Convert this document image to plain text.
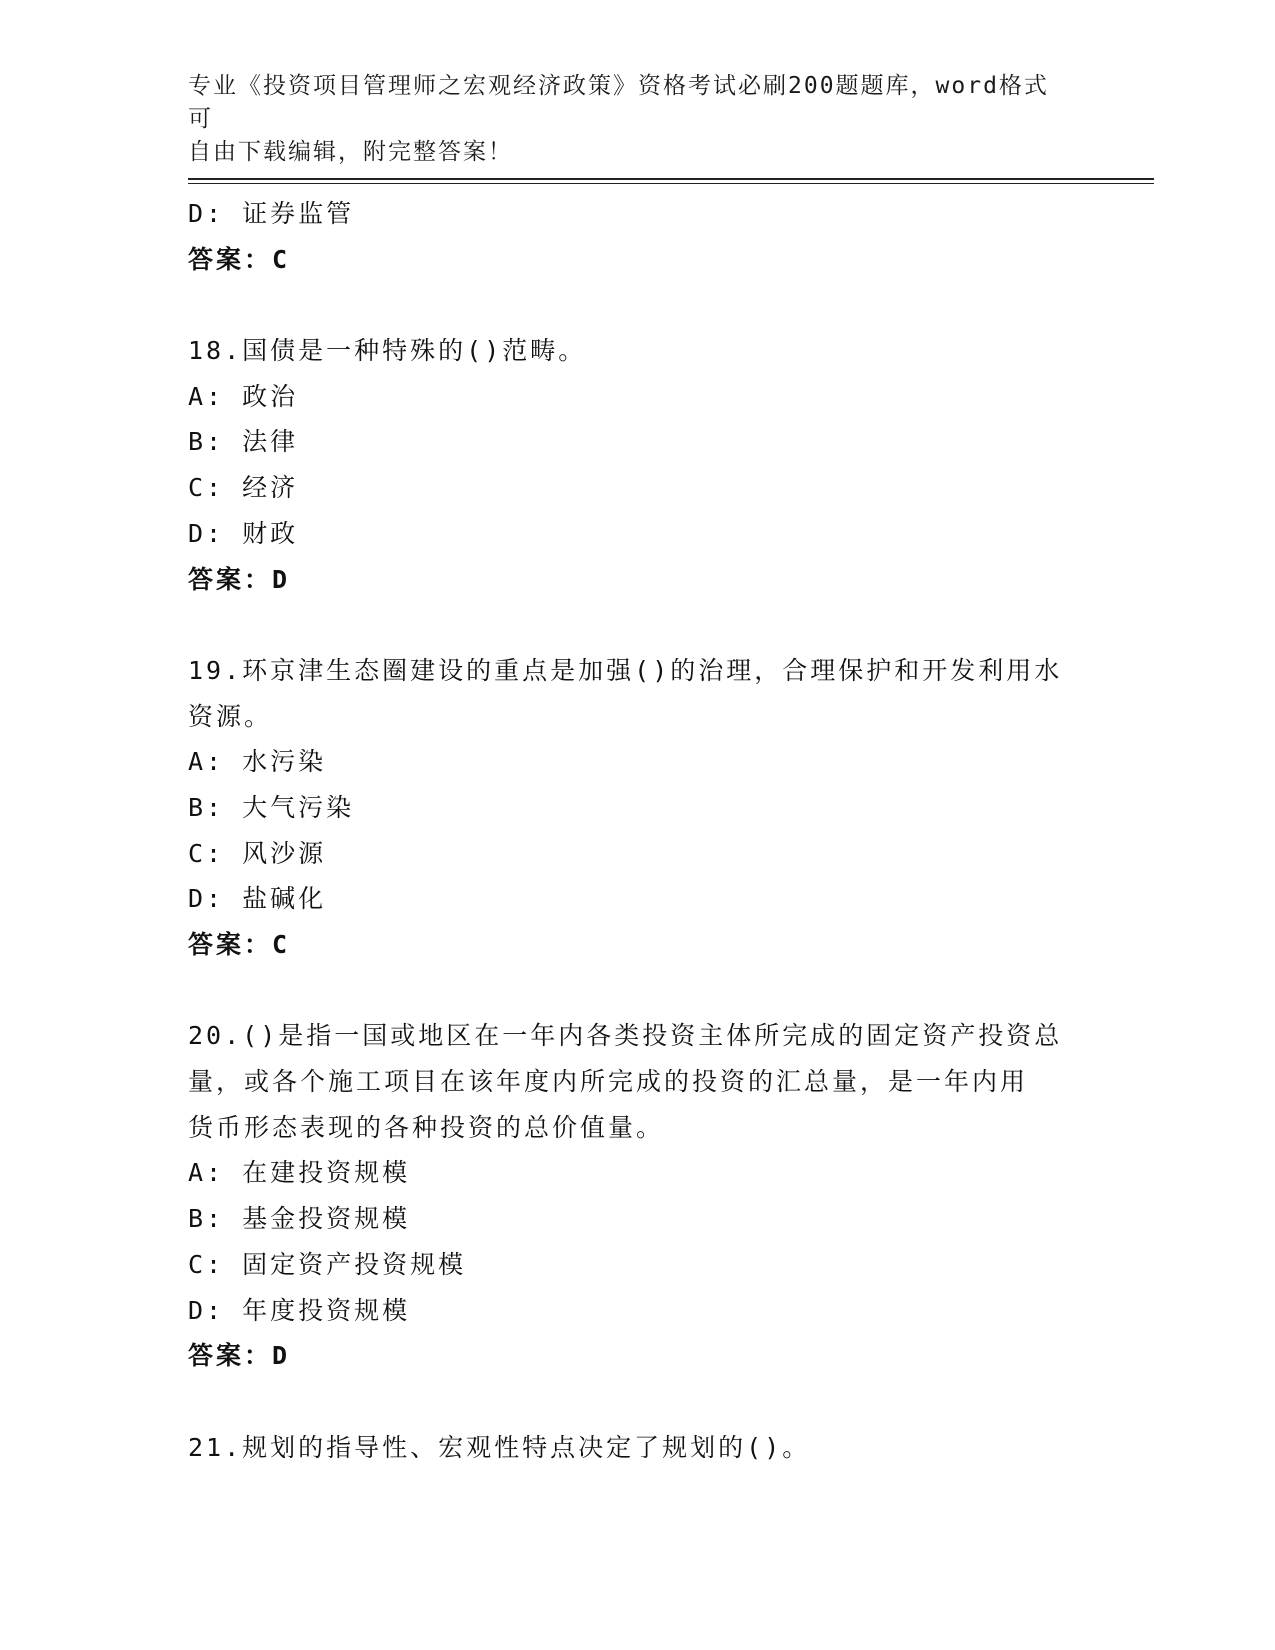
专业《投资项目管理师之宏观经济政策》资格考试必刷200题题库，word格式可
自由下载编辑，附完整答案！
D: 证券监管
答案：C
18.国债是一种特殊的()范畴。
A: 政治
B: 法律
C: 经济
D: 财政
答案：D
19.环京津生态圈建设的重点是加强()的治理，合理保护和开发利用水
资源。
A: 水污染
B: 大气污染
C: 风沙源
D: 盐碱化
答案：C
20.()是指一国或地区在一年内各类投资主体所完成的固定资产投资总
量，或各个施工项目在该年度内所完成的投资的汇总量，是一年内用
货币形态表现的各种投资的总价值量。
A: 在建投资规模
B: 基金投资规模
C: 固定资产投资规模
D: 年度投资规模
答案：D
21.规划的指导性、宏观性特点决定了规划的()。
